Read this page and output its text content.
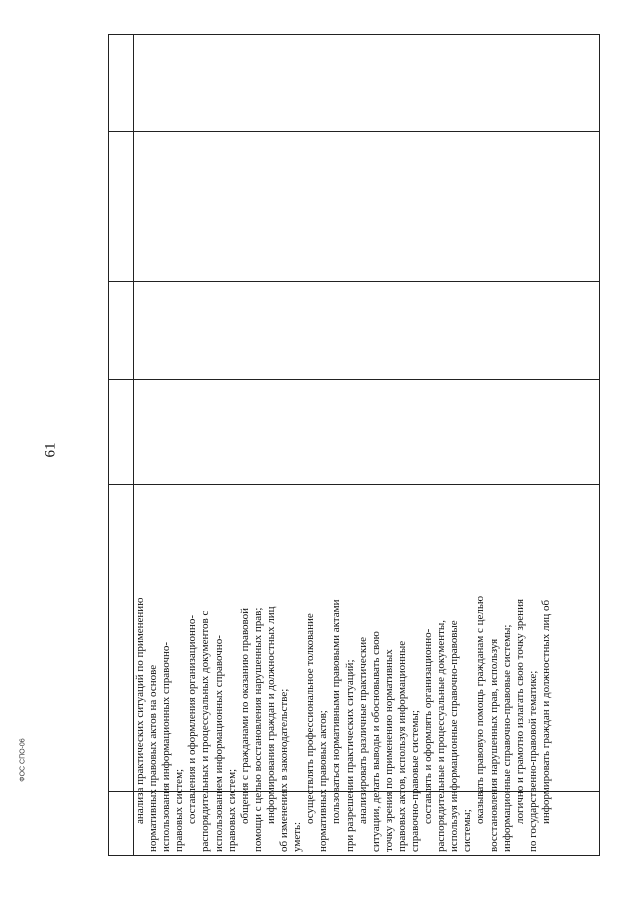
анализа практических ситуаций по применению нормативных правовых актов на основе использования информационных справочно- правовых систем; составления и оформления организационно- распорядительных и процессуальных документов с использованием информационных справочно- правовых систем; общения с гражданами по оказанию правовой помощи с целью восстановления нарушенных прав; информирования граждан и должностных лиц об изменениях в законодательстве; уметь:
осуществлять профессиональное толкование нормативных правовых актов; пользоваться нормативными правовыми актами при разрешении практических ситуаций; анализировать различные практические ситуации, делать выводы и обосновывать свою точку зрения по применению нормативных правовых актов, используя информационные справочно-правовые системы; составлять и оформлять организационно- распорядительные и процессуальные документы, используя информационные справочно-правовые системы;
оказывать правовую помощь гражданам с целью восстановления нарушенных прав, используя информационные справочно-правовые системы; логично и грамотно излагать свою точку зрения по государственно-правовой тематике; информировать граждан и должностных лиц об
61
ФОС СПО-06
